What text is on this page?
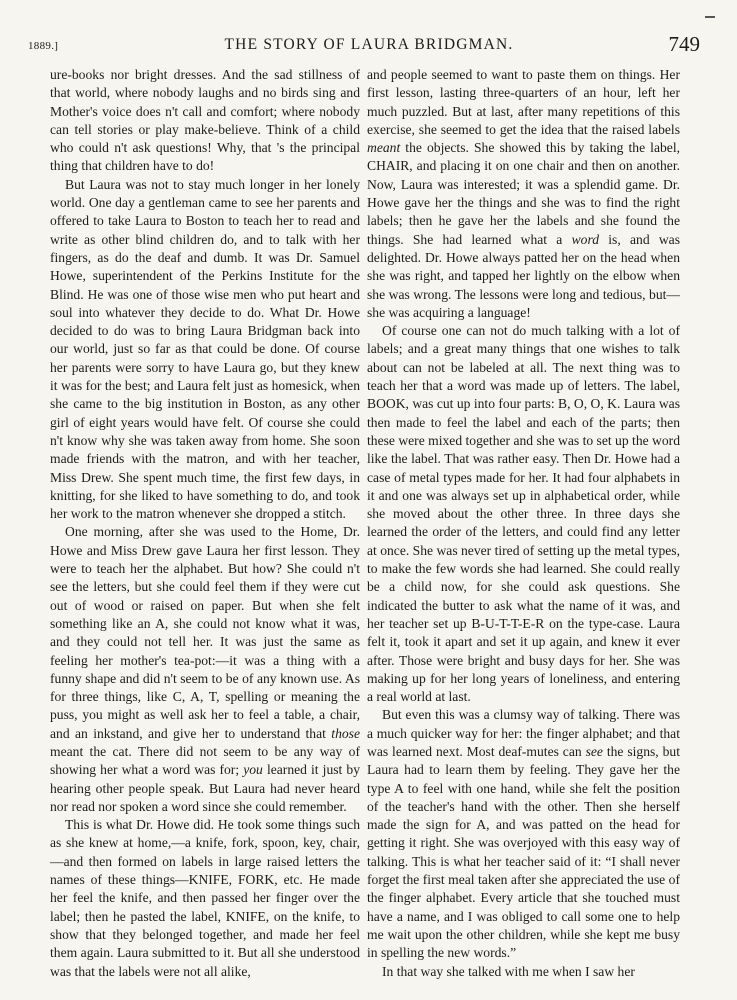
1889.]	THE STORY OF LAURA BRIDGMAN.	749

ure-books nor bright dresses. And the sad stillness of that world, where nobody laughs and no birds sing and Mother's voice does n't call and comfort; where nobody can tell stories or play make-believe. Think of a child who could n't ask questions! Why, that 's the principal thing that children have to do!

But Laura was not to stay much longer in her lonely world. One day a gentleman came to see her parents and offered to take Laura to Boston to teach her to read and write as other blind children do, and to talk with her fingers, as do the deaf and dumb. It was Dr. Samuel Howe, superintendent of the Perkins Institute for the Blind. He was one of those wise men who put heart and soul into whatever they decide to do. What Dr. Howe decided to do was to bring Laura Bridgman back into our world, just so far as that could be done. Of course her parents were sorry to have Laura go, but they knew it was for the best; and Laura felt just as homesick, when she came to the big institution in Boston, as any other girl of eight years would have felt. Of course she could n't know why she was taken away from home. She soon made friends with the matron, and with her teacher, Miss Drew. She spent much time, the first few days, in knitting, for she liked to have something to do, and took her work to the matron whenever she dropped a stitch.

One morning, after she was used to the Home, Dr. Howe and Miss Drew gave Laura her first lesson. They were to teach her the alphabet. But how? She could n't see the letters, but she could feel them if they were cut out of wood or raised on paper. But when she felt something like an A, she could not know what it was, and they could not tell her. It was just the same as feeling her mother's tea-pot:—it was a thing with a funny shape and did n't seem to be of any known use. As for three things, like C, A, T, spelling or meaning the puss, you might as well ask her to feel a table, a chair, and an inkstand, and give her to understand that those meant the cat. There did not seem to be any way of showing her what a word was for; you learned it just by hearing other people speak. But Laura had never heard nor read nor spoken a word since she could remember.

This is what Dr. Howe did. He took some things such as she knew at home,—a knife, fork, spoon, key, chair,—and then formed on labels in large raised letters the names of these things—KNIFE, FORK, etc. He made her feel the knife, and then passed her finger over the label; then he pasted the label, KNIFE, on the knife, to show that they belonged together, and made her feel them again. Laura submitted to it. But all she understood was that the labels were not all alike,

and people seemed to want to paste them on things. Her first lesson, lasting three-quarters of an hour, left her much puzzled. But at last, after many repetitions of this exercise, she seemed to get the idea that the raised labels meant the objects. She showed this by taking the label, CHAIR, and placing it on one chair and then on another. Now, Laura was interested; it was a splendid game. Dr. Howe gave her the things and she was to find the right labels; then he gave her the labels and she found the things. She had learned what a word is, and was delighted. Dr. Howe always patted her on the head when she was right, and tapped her lightly on the elbow when she was wrong. The lessons were long and tedious, but—she was acquiring a language!

Of course one can not do much talking with a lot of labels; and a great many things that one wishes to talk about can not be labeled at all. The next thing was to teach her that a word was made up of letters. The label, BOOK, was cut up into four parts: B, O, O, K. Laura was then made to feel the label and each of the parts; then these were mixed together and she was to set up the word like the label. That was rather easy. Then Dr. Howe had a case of metal types made for her. It had four alphabets in it and one was always set up in alphabetical order, while she moved about the other three. In three days she learned the order of the letters, and could find any letter at once. She was never tired of setting up the metal types, to make the few words she had learned. She could really be a child now, for she could ask questions. She indicated the butter to ask what the name of it was, and her teacher set up B-U-T-T-E-R on the type-case. Laura felt it, took it apart and set it up again, and knew it ever after. Those were bright and busy days for her. She was making up for her long years of loneliness, and entering a real world at last.

But even this was a clumsy way of talking. There was a much quicker way for her: the finger alphabet; and that was learned next. Most deaf-mutes can see the signs, but Laura had to learn them by feeling. They gave her the type A to feel with one hand, while she felt the position of the teacher's hand with the other. Then she herself made the sign for A, and was patted on the head for getting it right. She was overjoyed with this easy way of talking. This is what her teacher said of it: “I shall never forget the first meal taken after she appreciated the use of the finger alphabet. Every article that she touched must have a name, and I was obliged to call some one to help me wait upon the other children, while she kept me busy in spelling the new words.”

In that way she talked with me when I saw her
